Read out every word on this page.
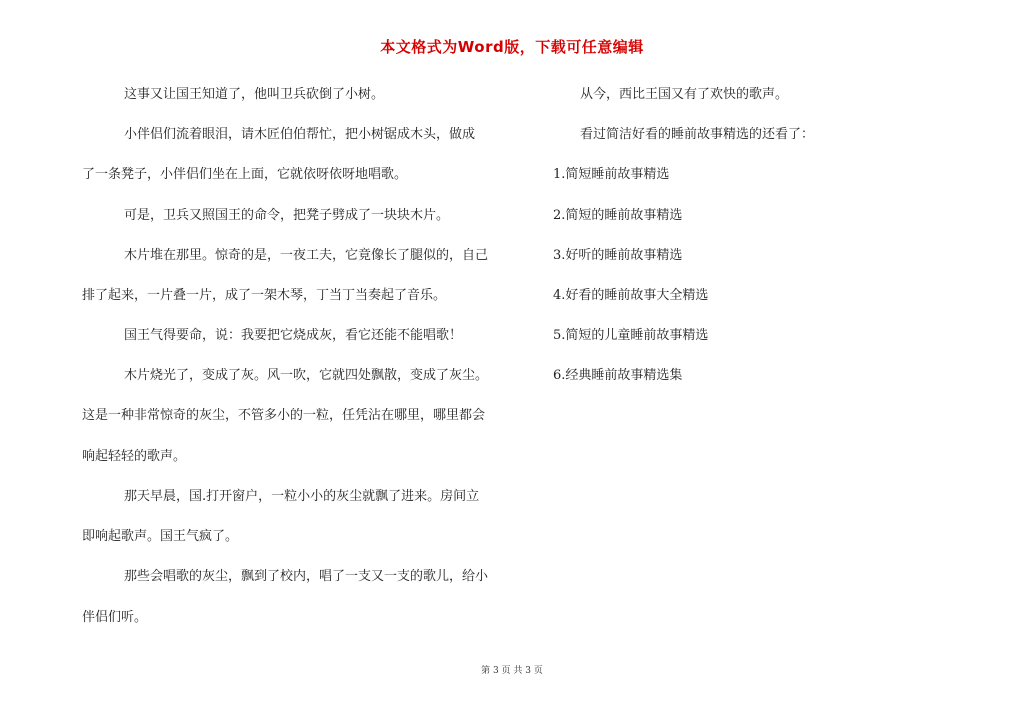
本文格式为Word版，下载可任意编辑
这事又让国王知道了，他叫卫兵砍倒了小树。
小伴侣们流着眼泪，请木匠伯伯帮忙，把小树锯成木头，做成
了一条凳子，小伴侣们坐在上面，它就依呀依呀地唱歌。
可是，卫兵又照国王的命令，把凳子劈成了一块块木片。
木片堆在那里。惊奇的是，一夜工夫，它竟像长了腿似的，自己
排了起来，一片叠一片，成了一架木琴，丁当丁当奏起了音乐。
国王气得要命，说：我要把它烧成灰，看它还能不能唱歌！
木片烧光了，变成了灰。风一吹，它就四处飘散，变成了灰尘。
这是一种非常惊奇的灰尘，不管多小的一粒，任凭沾在哪里，哪里都会
响起轻轻的歌声。
那天早晨，国.打开窗户，一粒小小的灰尘就飘了进来。房间立
即响起歌声。国王气疯了。
那些会唱歌的灰尘，飘到了校内，唱了一支又一支的歌儿，给小
伴侣们听。
从今，西比王国又有了欢快的歌声。
看过简洁好看的睡前故事精选的还看了：
1.简短睡前故事精选
2.简短的睡前故事精选
3.好听的睡前故事精选
4.好看的睡前故事大全精选
5.简短的儿童睡前故事精选
6.经典睡前故事精选集
第 3 页 共 3 页
